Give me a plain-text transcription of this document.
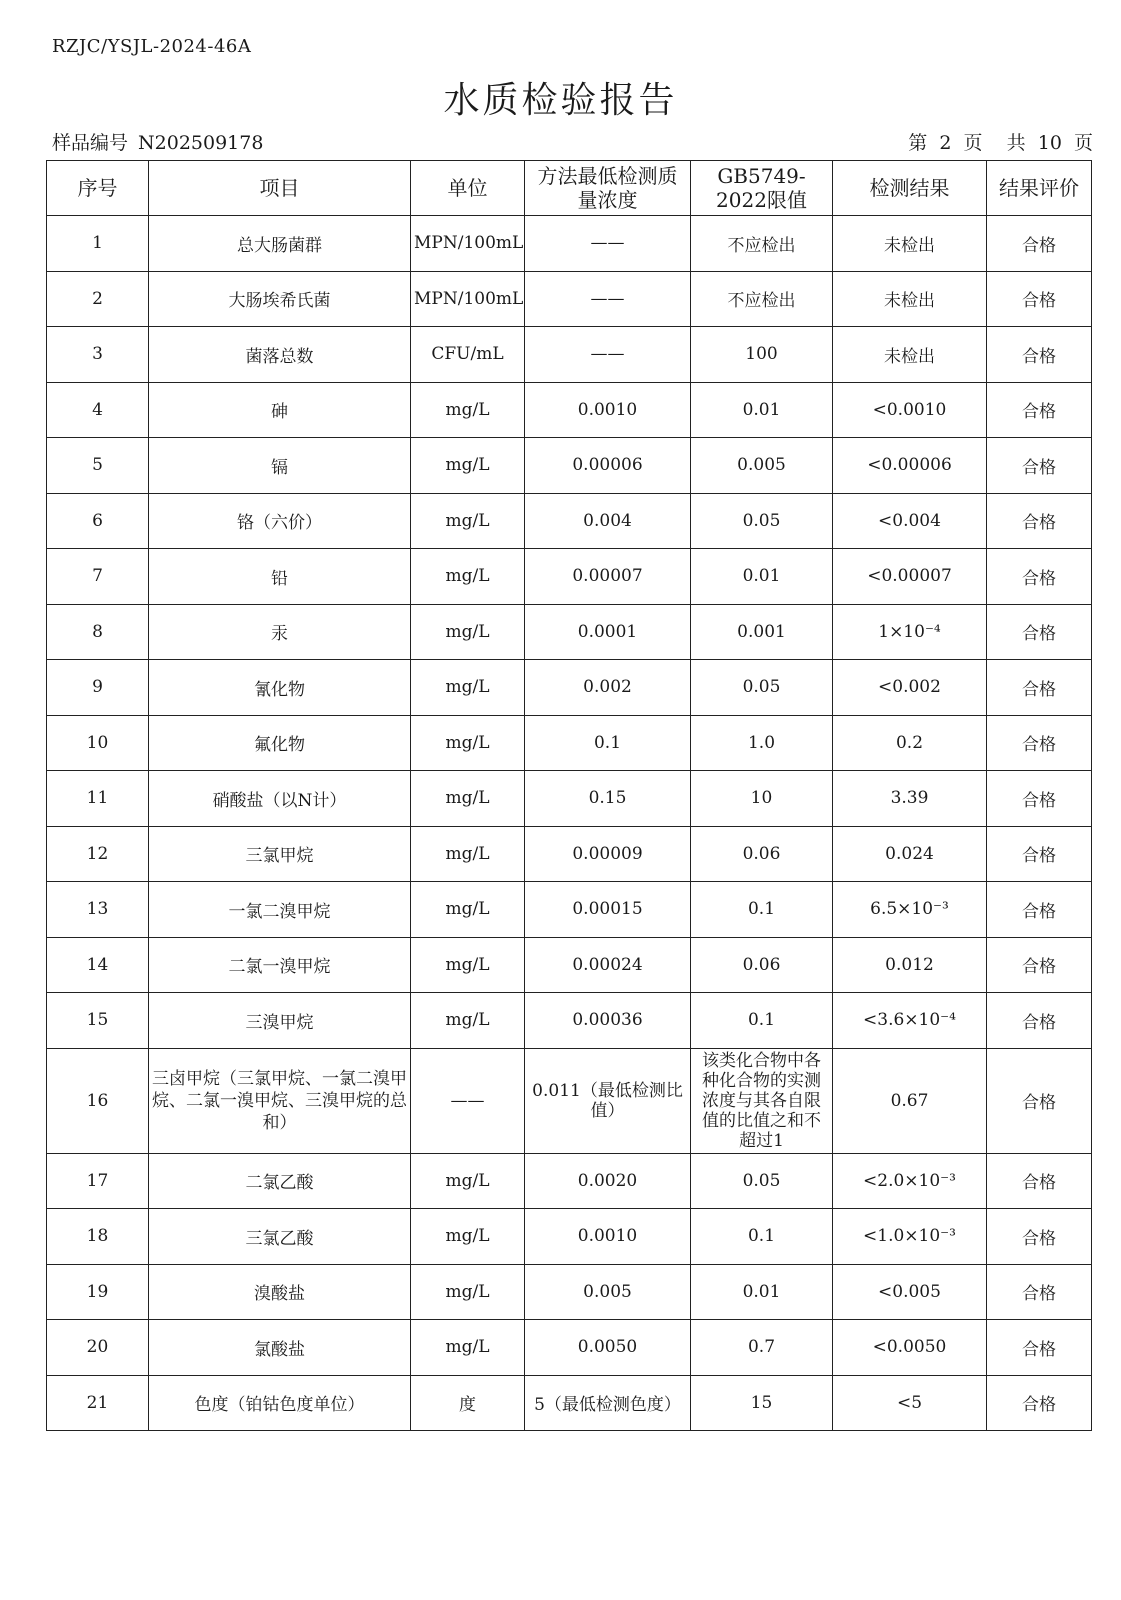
RZJC/YSJL-2024-46A
水质检验报告
样品编号 N202509178	第  2  页    共  10  页
序号	项目	单位	方法最低检测质量浓度	GB5749-2022限值	检测结果	结果评价
1	总大肠菌群	MPN/100mL	——	不应检出	未检出	合格
2	大肠埃希氏菌	MPN/100mL	——	不应检出	未检出	合格
3	菌落总数	CFU/mL	——	100	未检出	合格
4	砷	mg/L	0.0010	0.01	<0.0010	合格
5	镉	mg/L	0.00006	0.005	<0.00006	合格
6	铬（六价）	mg/L	0.004	0.05	<0.004	合格
7	铅	mg/L	0.00007	0.01	<0.00007	合格
8	汞	mg/L	0.0001	0.001	1×10⁻⁴	合格
9	氰化物	mg/L	0.002	0.05	<0.002	合格
10	氟化物	mg/L	0.1	1.0	0.2	合格
11	硝酸盐（以N计）	mg/L	0.15	10	3.39	合格
12	三氯甲烷	mg/L	0.00009	0.06	0.024	合格
13	一氯二溴甲烷	mg/L	0.00015	0.1	6.5×10⁻³	合格
14	二氯一溴甲烷	mg/L	0.00024	0.06	0.012	合格
15	三溴甲烷	mg/L	0.00036	0.1	<3.6×10⁻⁴	合格
16	三卤甲烷（三氯甲烷、一氯二溴甲烷、二氯一溴甲烷、三溴甲烷的总和）	——	0.011（最低检测比值）	该类化合物中各种化合物的实测浓度与其各自限值的比值之和不超过1	0.67	合格
17	二氯乙酸	mg/L	0.0020	0.05	<2.0×10⁻³	合格
18	三氯乙酸	mg/L	0.0010	0.1	<1.0×10⁻³	合格
19	溴酸盐	mg/L	0.005	0.01	<0.005	合格
20	氯酸盐	mg/L	0.0050	0.7	<0.0050	合格
21	色度（铂钴色度单位）	度	5（最低检测色度）	15	<5	合格
